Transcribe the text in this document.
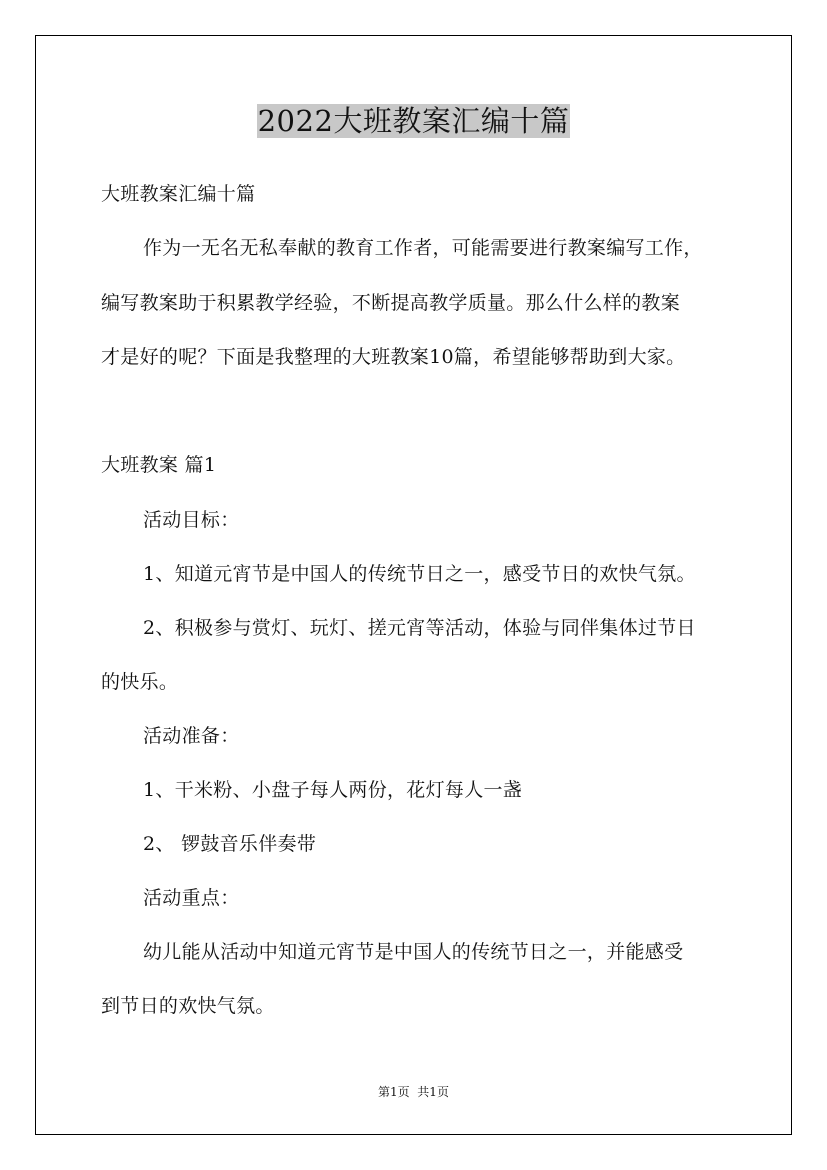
2022大班教案汇编十篇
大班教案汇编十篇
作为一无名无私奉献的教育工作者，可能需要进行教案编写工作，
编写教案助于积累教学经验，不断提高教学质量。那么什么样的教案
才是好的呢？下面是我整理的大班教案10篇，希望能够帮助到大家。
大班教案 篇1
活动目标：
1、知道元宵节是中国人的传统节日之一，感受节日的欢快气氛。
2、积极参与赏灯、玩灯、搓元宵等活动，体验与同伴集体过节日
的快乐。
活动准备：
1、干米粉、小盘子每人两份，花灯每人一盏
2、 锣鼓音乐伴奏带
活动重点：
幼儿能从活动中知道元宵节是中国人的传统节日之一，并能感受
到节日的欢快气氛。
第1页  共1页
